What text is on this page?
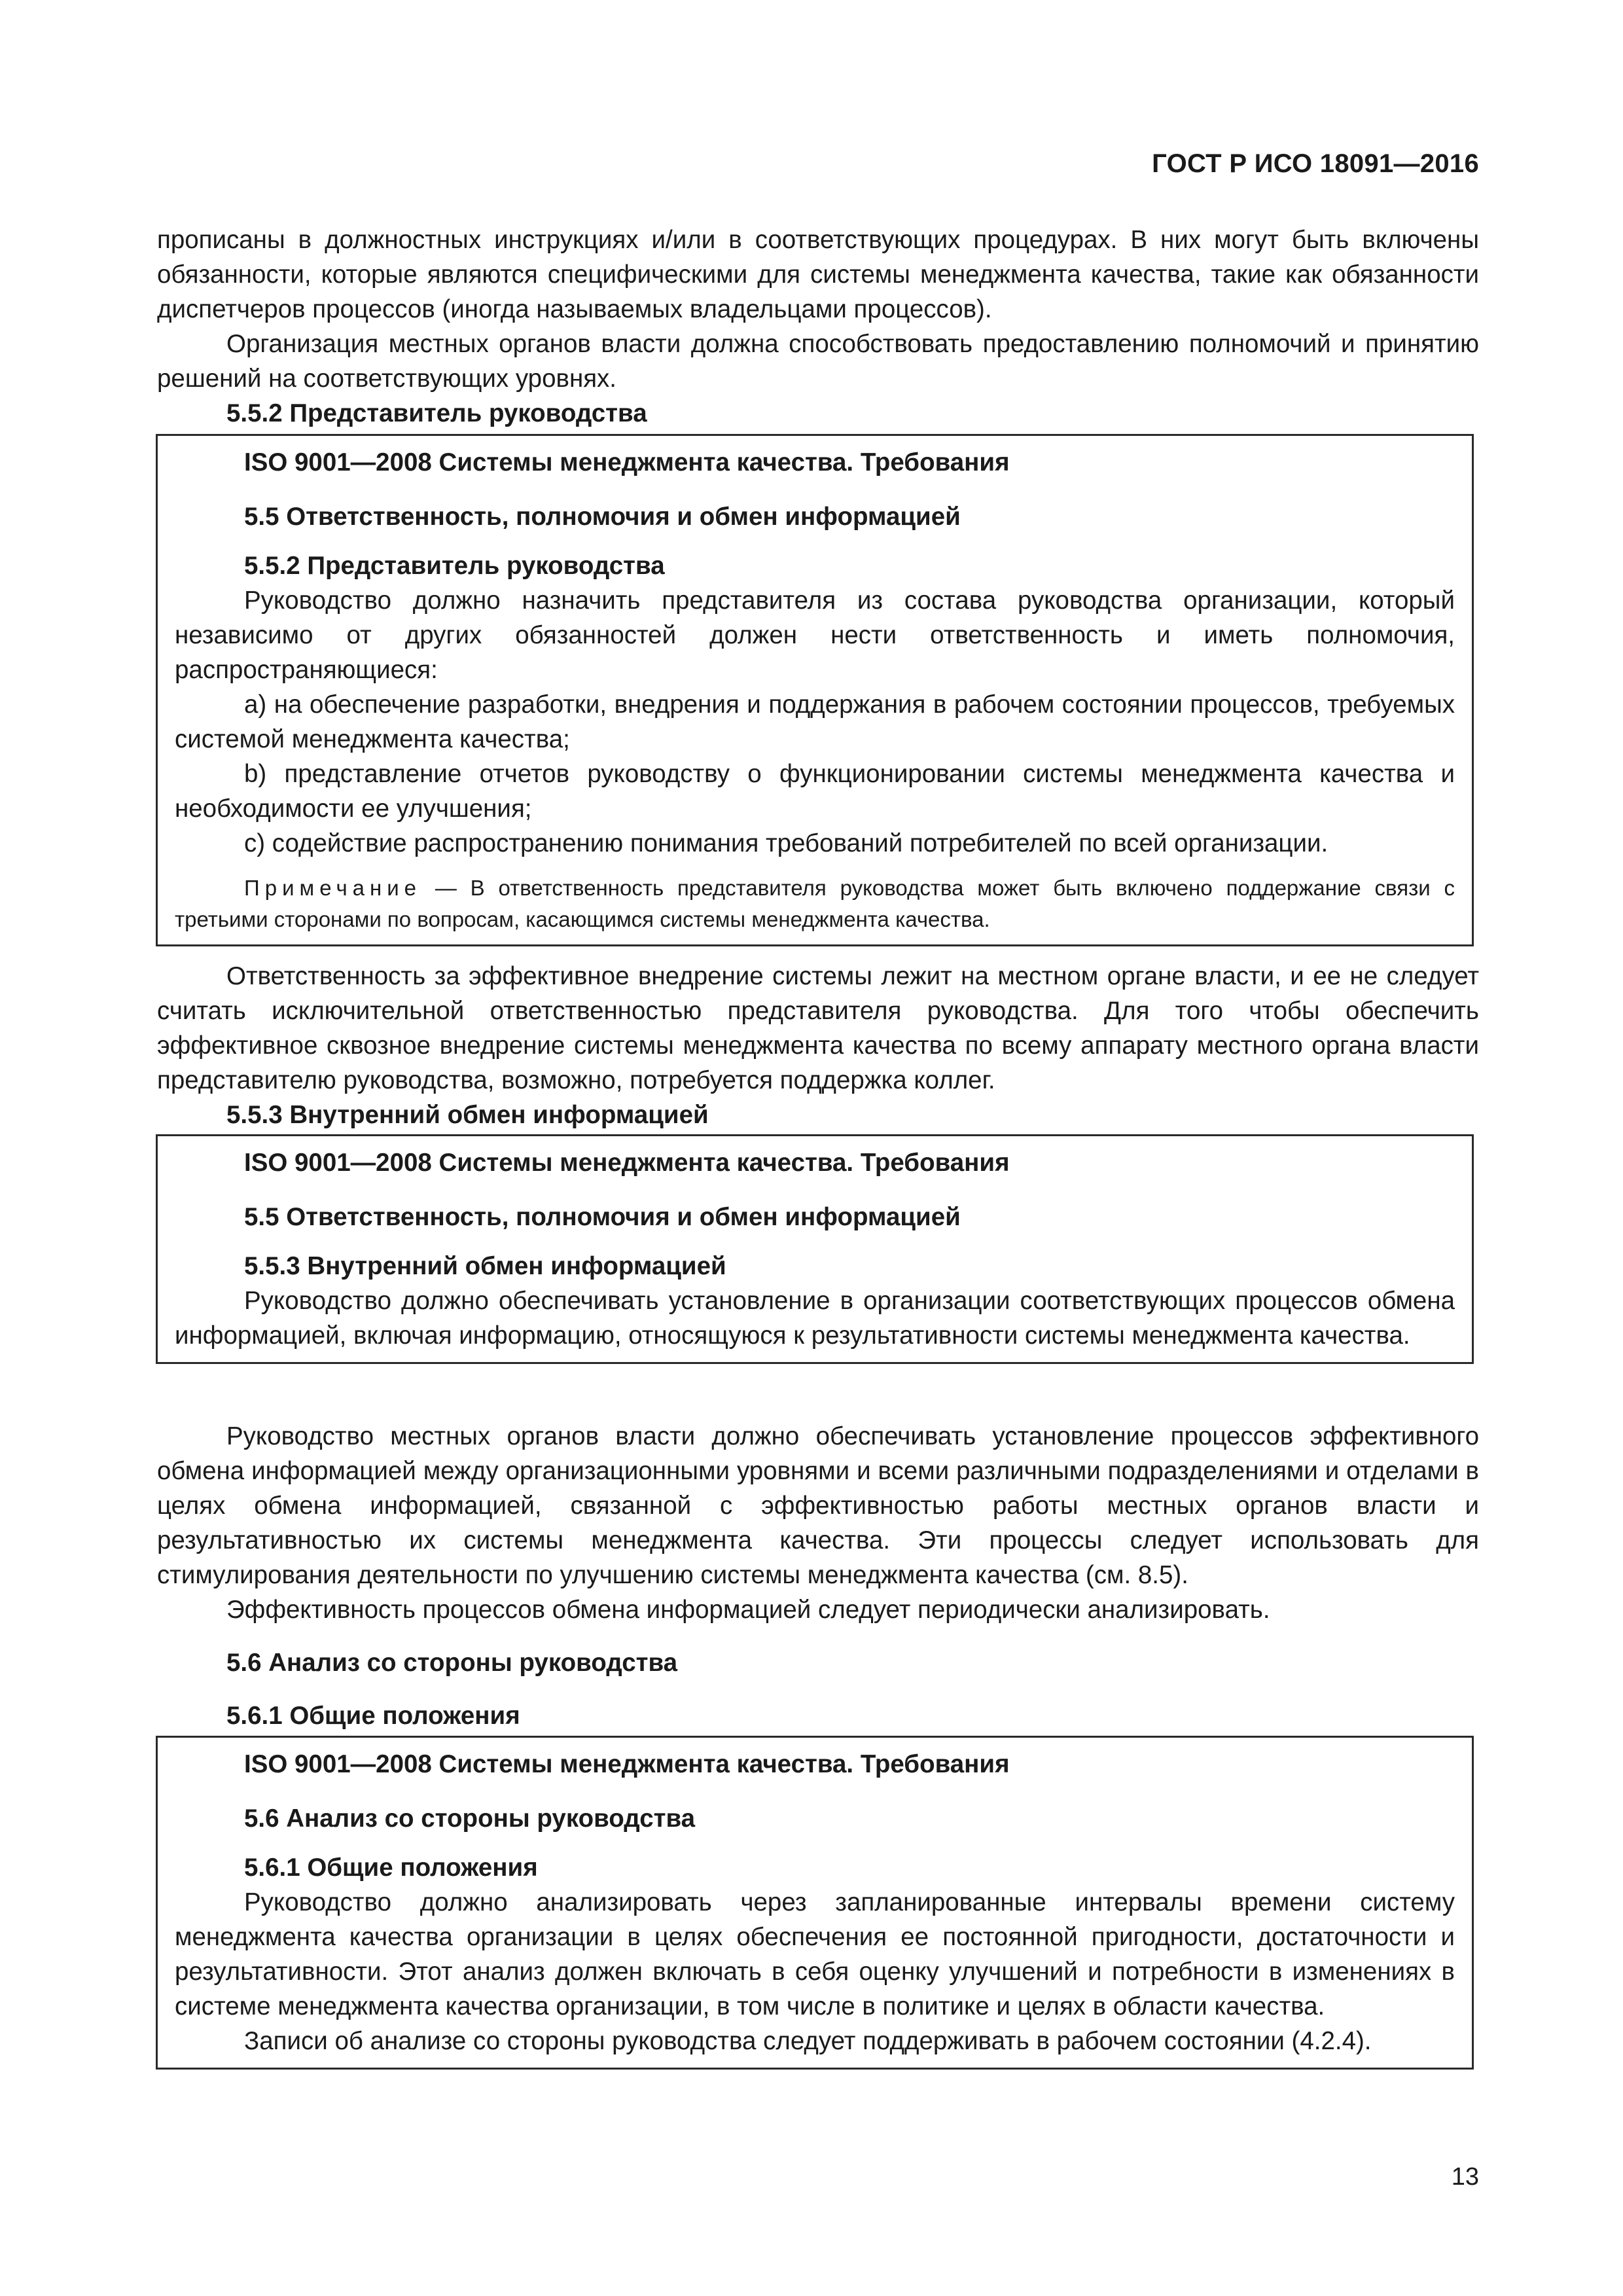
ГОСТ Р ИСО 18091—2016

прописаны в должностных инструкциях и/или в соответствующих процедурах. В них могут быть включены обязанности, которые являются специфическими для системы менеджмента качества, такие как обязанности диспетчеров процессов (иногда называемых владельцами процессов).

Организация местных органов власти должна способствовать предоставлению полномочий и принятию решений на соответствующих уровнях.

5.5.2 Представитель руководства

ISO 9001—2008 Системы менеджмента качества. Требования

5.5 Ответственность, полномочия и обмен информацией

5.5.2 Представитель руководства

Руководство должно назначить представителя из состава руководства организации, который независимо от других обязанностей должен нести ответственность и иметь полномочия, распространяющиеся:

а) на обеспечение разработки, внедрения и поддержания в рабочем состоянии процессов, требуемых системой менеджмента качества;

b) представление отчетов руководству о функционировании системы менеджмента качества и необходимости ее улучшения;

с) содействие распространению понимания требований потребителей по всей организации.

Примечание — В ответственность представителя руководства может быть включено поддержание связи с третьими сторонами по вопросам, касающимся системы менеджмента качества.

Ответственность за эффективное внедрение системы лежит на местном органе власти, и ее не следует считать исключительной ответственностью представителя руководства. Для того чтобы обеспечить эффективное сквозное внедрение системы менеджмента качества по всему аппарату местного органа власти представителю руководства, возможно, потребуется поддержка коллег.

5.5.3 Внутренний обмен информацией

ISO 9001—2008 Системы менеджмента качества. Требования

5.5 Ответственность, полномочия и обмен информацией

5.5.3 Внутренний обмен информацией

Руководство должно обеспечивать установление в организации соответствующих процессов обмена информацией, включая информацию, относящуюся к результативности системы менеджмента качества.

Руководство местных органов власти должно обеспечивать установление процессов эффективного обмена информацией между организационными уровнями и всеми различными подразделениями и отделами в целях обмена информацией, связанной с эффективностью работы местных органов власти и результативностью их системы менеджмента качества. Эти процессы следует использовать для стимулирования деятельности по улучшению системы менеджмента качества (см. 8.5).

Эффективность процессов обмена информацией следует периодически анализировать.

5.6 Анализ со стороны руководства

5.6.1 Общие положения

ISO 9001—2008 Системы менеджмента качества. Требования

5.6 Анализ со стороны руководства

5.6.1 Общие положения

Руководство должно анализировать через запланированные интервалы времени систему менеджмента качества организации в целях обеспечения ее постоянной пригодности, достаточности и результативности. Этот анализ должен включать в себя оценку улучшений и потребности в изменениях в системе менеджмента качества организации, в том числе в политике и целях в области качества.

Записи об анализе со стороны руководства следует поддерживать в рабочем состоянии (4.2.4).

13
